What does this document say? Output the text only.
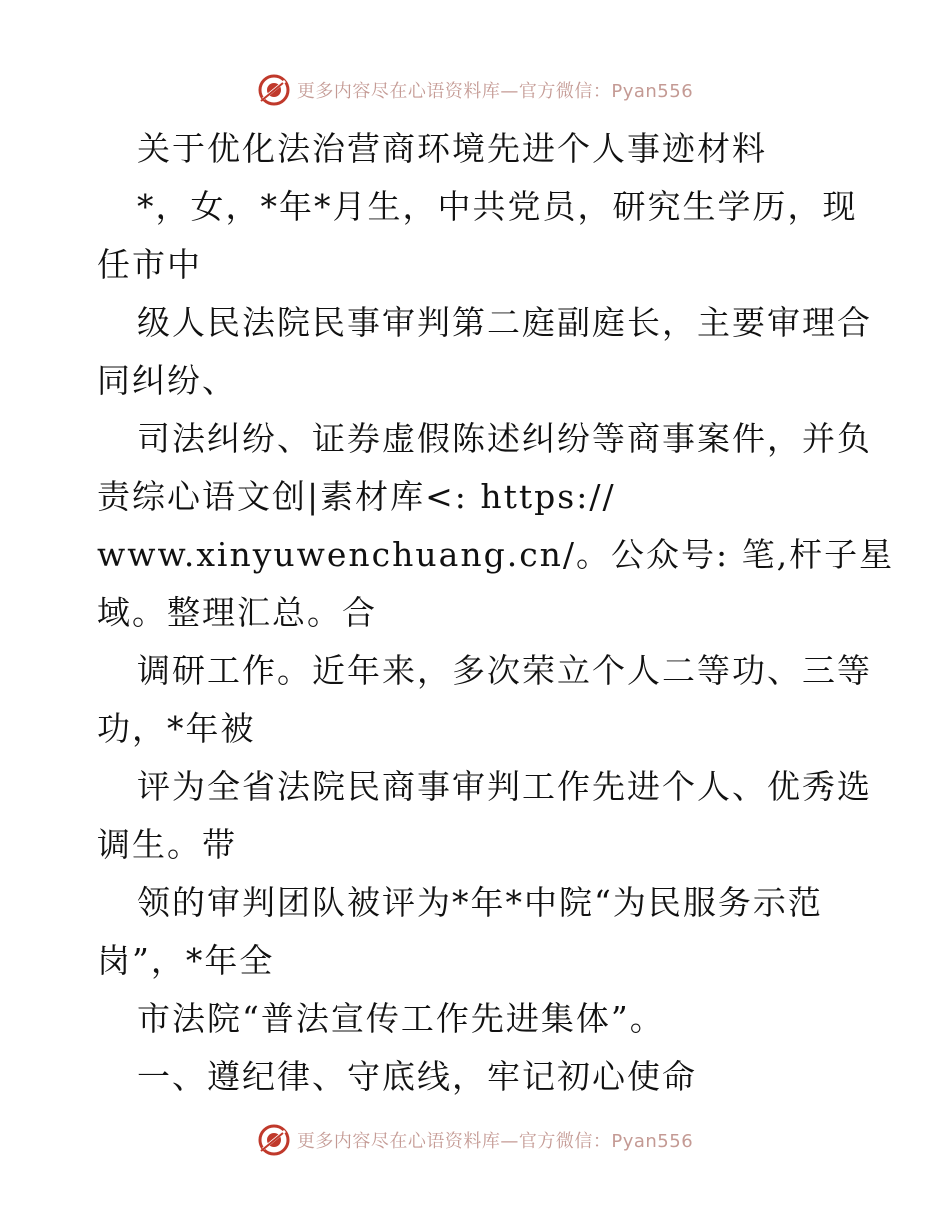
更多内容尽在心语资料库—官方微信：Pyan556
关于优化法治营商环境先进个人事迹材料
*，女，*年*月生，中共党员，研究生学历，现
任市中
级人民法院民事审判第二庭副庭长，主要审理合
同纠纷、
司法纠纷、证券虚假陈述纠纷等商事案件，并负
责综心语文创|素材库<: https://
www.xinyuwenchuang.cn/。公众号: 笔,杆子星
域。整理汇总。合
调研工作。近年来，多次荣立个人二等功、三等
功，*年被
评为全省法院民商事审判工作先进个人、优秀选
调生。带
领的审判团队被评为*年*中院“为民服务示范
岗”，*年全
市法院“普法宣传工作先进集体”。
一、遵纪律、守底线，牢记初心使命
更多内容尽在心语资料库—官方微信：Pyan556
